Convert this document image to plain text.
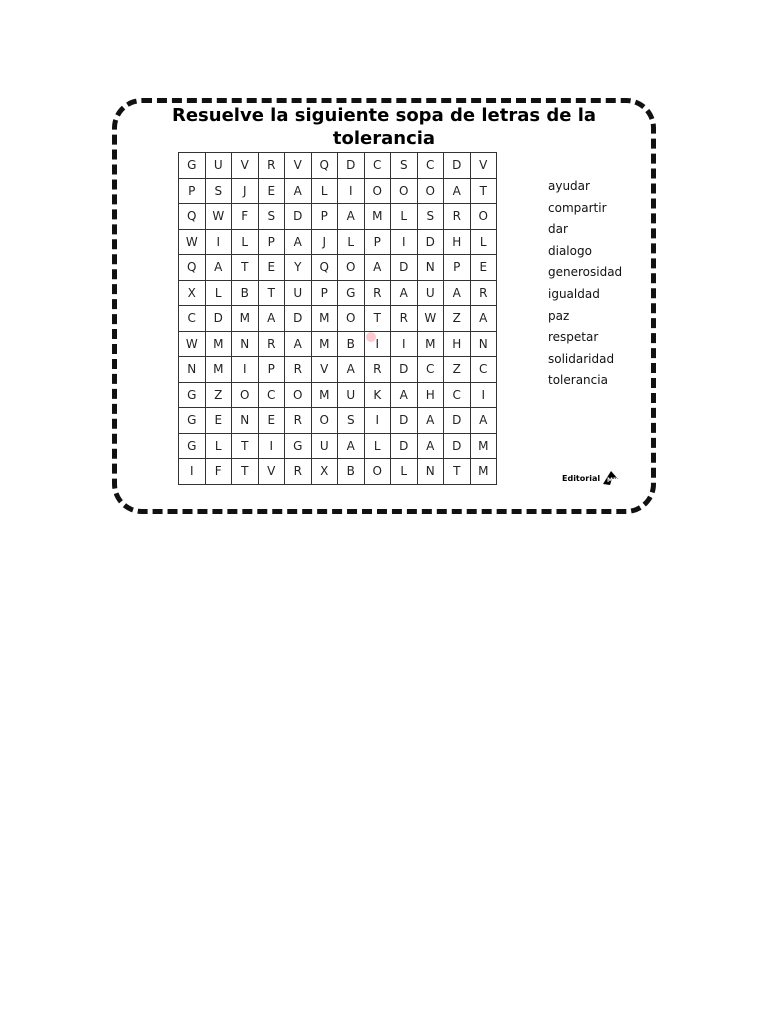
Resuelve la siguiente sopa de letras de la tolerancia
G	U	V	R	V	Q	D	C	S	C	D	V
P	S	J	E	A	L	I	O	O	O	A	T
Q	W	F	S	D	P	A	M	L	S	R	O
W	I	L	P	A	J	L	P	I	D	H	L
Q	A	T	E	Y	Q	O	A	D	N	P	E
X	L	B	T	U	P	G	R	A	U	A	R
C	D	M	A	D	M	O	T	R	W	Z	A
W	M	N	R	A	M	B	I	I	M	H	N
N	M	I	P	R	V	A	R	D	C	Z	C
G	Z	O	C	O	M	U	K	A	H	C	I
G	E	N	E	R	O	S	I	D	A	D	A
G	L	T	I	G	U	A	L	D	A	D	M
I	F	T	V	R	X	B	O	L	N	T	M
ayudar
compartir
dar
dialogo
generosidad
igualdad
paz
respetar
solidaridad
tolerancia
Editorial MD
